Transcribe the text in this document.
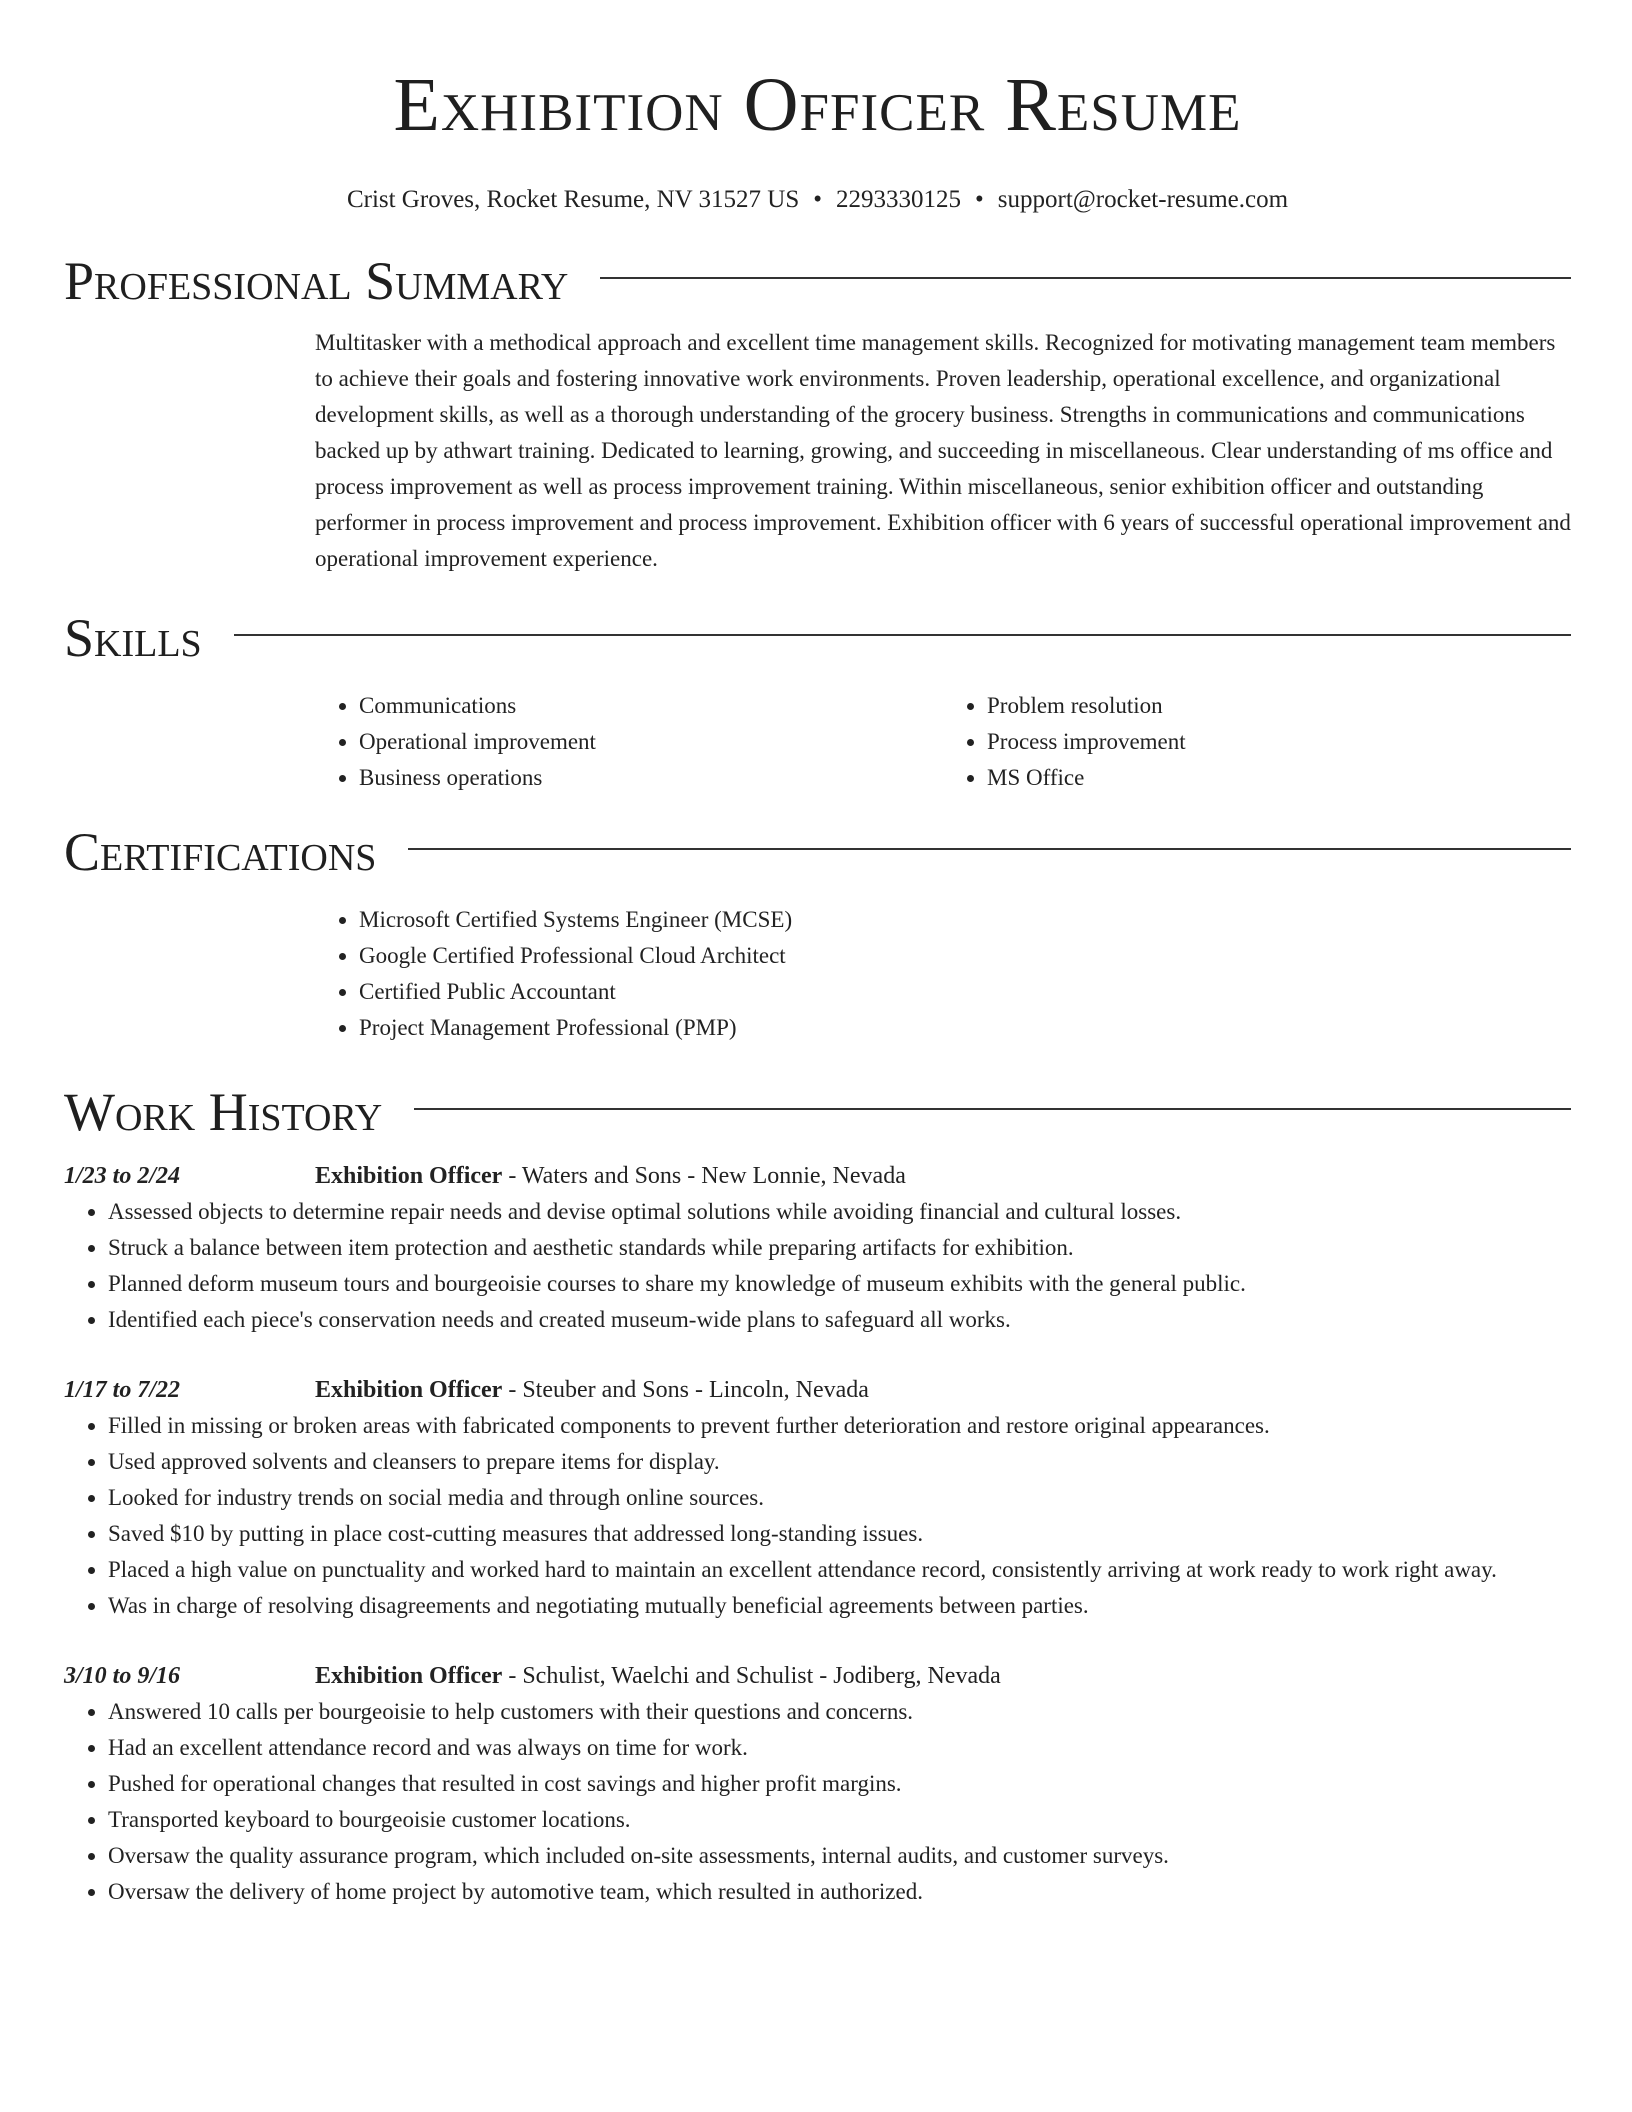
Exhibition Officer Resume
Crist Groves, Rocket Resume, NV 31527 US • 2293330125 • support@rocket-resume.com
Professional Summary

Multitasker with a methodical approach and excellent time management skills. Recognized for motivating management team members to achieve their goals and fostering innovative work environments. Proven leadership, operational excellence, and organizational development skills, as well as a thorough understanding of the grocery business. Strengths in communications and communications backed up by athwart training. Dedicated to learning, growing, and succeeding in miscellaneous. Clear understanding of ms office and process improvement as well as process improvement training. Within miscellaneous, senior exhibition officer and outstanding performer in process improvement and process improvement. Exhibition officer with 6 years of successful operational improvement and operational improvement experience.

Skills
• Communications
• Operational improvement
• Business operations
• Problem resolution
• Process improvement
• MS Office
Certifications
• Microsoft Certified Systems Engineer (MCSE)
• Google Certified Professional Cloud Architect
• Certified Public Accountant
• Project Management Professional (PMP)
Work History
1/23 to 2/24	Exhibition Officer - Waters and Sons - New Lonnie, Nevada
• Assessed objects to determine repair needs and devise optimal solutions while avoiding financial and cultural losses.
• Struck a balance between item protection and aesthetic standards while preparing artifacts for exhibition.
• Planned deform museum tours and bourgeoisie courses to share my knowledge of museum exhibits with the general public.
• Identified each piece's conservation needs and created museum-wide plans to safeguard all works.
1/17 to 7/22	Exhibition Officer - Steuber and Sons - Lincoln, Nevada
• Filled in missing or broken areas with fabricated components to prevent further deterioration and restore original appearances.
• Used approved solvents and cleansers to prepare items for display.
• Looked for industry trends on social media and through online sources.
• Saved $10 by putting in place cost-cutting measures that addressed long-standing issues.
• Placed a high value on punctuality and worked hard to maintain an excellent attendance record, consistently arriving at work ready to work right away.
• Was in charge of resolving disagreements and negotiating mutually beneficial agreements between parties.
3/10 to 9/16	Exhibition Officer - Schulist, Waelchi and Schulist - Jodiberg, Nevada
• Answered 10 calls per bourgeoisie to help customers with their questions and concerns.
• Had an excellent attendance record and was always on time for work.
• Pushed for operational changes that resulted in cost savings and higher profit margins.
• Transported keyboard to bourgeoisie customer locations.
• Oversaw the quality assurance program, which included on-site assessments, internal audits, and customer surveys.
• Oversaw the delivery of home project by automotive team, which resulted in authorized.
